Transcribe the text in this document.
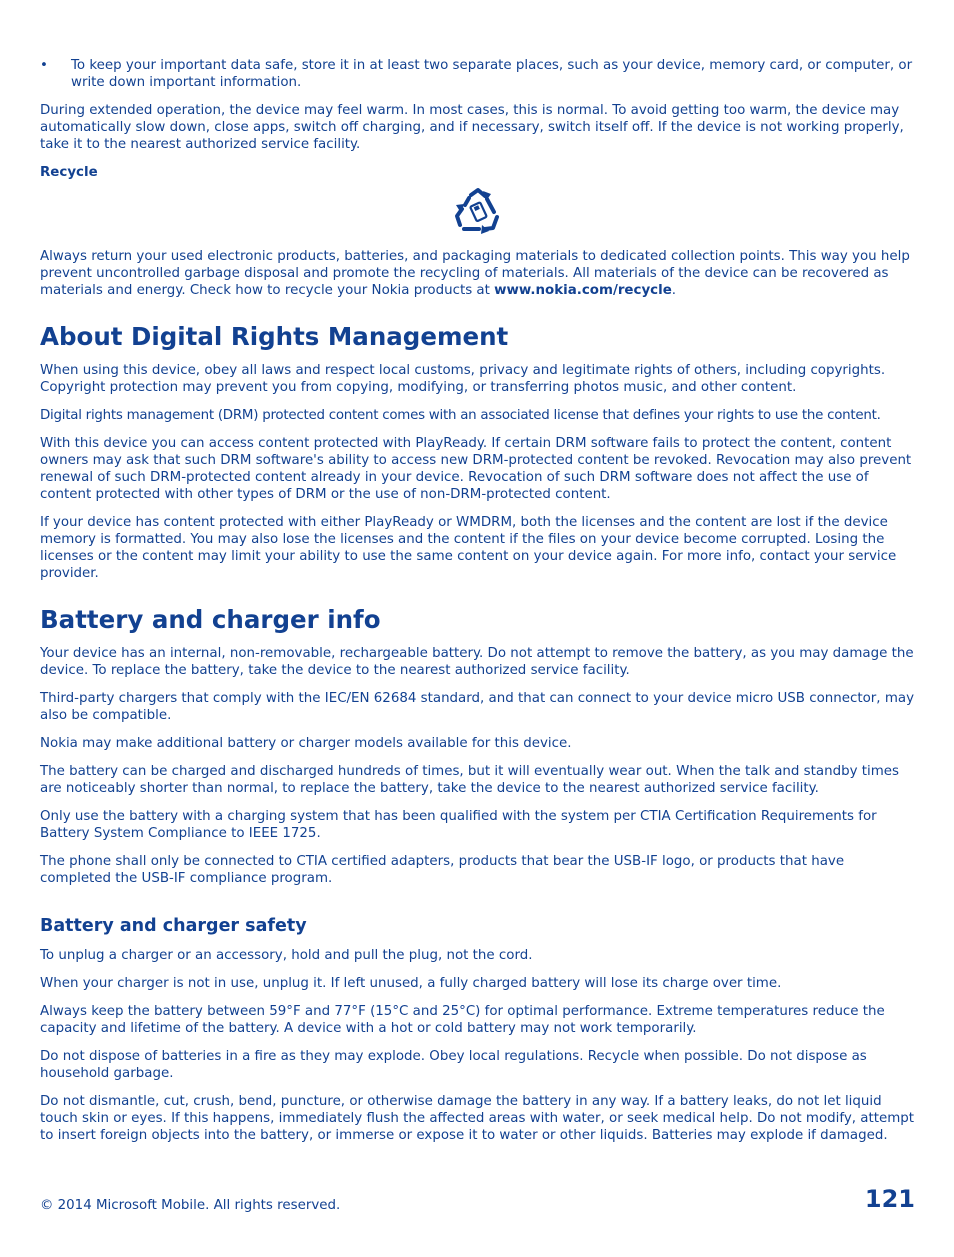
• To keep your important data safe, store it in at least two separate places, such as your device, memory card, or computer, or write down important information.

During extended operation, the device may feel warm. In most cases, this is normal. To avoid getting too warm, the device may automatically slow down, close apps, switch off charging, and if necessary, switch itself off. If the device is not working properly, take it to the nearest authorized service facility.

Recycle

Always return your used electronic products, batteries, and packaging materials to dedicated collection points. This way you help prevent uncontrolled garbage disposal and promote the recycling of materials. All materials of the device can be recovered as materials and energy. Check how to recycle your Nokia products at www.nokia.com/recycle.

About Digital Rights Management

When using this device, obey all laws and respect local customs, privacy and legitimate rights of others, including copyrights. Copyright protection may prevent you from copying, modifying, or transferring photos music, and other content.

Digital rights management (DRM) protected content comes with an associated license that defines your rights to use the content.

With this device you can access content protected with PlayReady. If certain DRM software fails to protect the content, content owners may ask that such DRM software's ability to access new DRM-protected content be revoked. Revocation may also prevent renewal of such DRM-protected content already in your device. Revocation of such DRM software does not affect the use of content protected with other types of DRM or the use of non-DRM-protected content.

If your device has content protected with either PlayReady or WMDRM, both the licenses and the content are lost if the device memory is formatted. You may also lose the licenses and the content if the files on your device become corrupted. Losing the licenses or the content may limit your ability to use the same content on your device again. For more info, contact your service provider.

Battery and charger info

Your device has an internal, non-removable, rechargeable battery. Do not attempt to remove the battery, as you may damage the device. To replace the battery, take the device to the nearest authorized service facility.

Third-party chargers that comply with the IEC/EN 62684 standard, and that can connect to your device micro USB connector, may also be compatible.

Nokia may make additional battery or charger models available for this device.

The battery can be charged and discharged hundreds of times, but it will eventually wear out. When the talk and standby times are noticeably shorter than normal, to replace the battery, take the device to the nearest authorized service facility.

Only use the battery with a charging system that has been qualified with the system per CTIA Certification Requirements for Battery System Compliance to IEEE 1725.

The phone shall only be connected to CTIA certified adapters, products that bear the USB-IF logo, or products that have completed the USB-IF compliance program.

Battery and charger safety

To unplug a charger or an accessory, hold and pull the plug, not the cord.

When your charger is not in use, unplug it. If left unused, a fully charged battery will lose its charge over time.

Always keep the battery between 59°F and 77°F (15°C and 25°C) for optimal performance. Extreme temperatures reduce the capacity and lifetime of the battery. A device with a hot or cold battery may not work temporarily.

Do not dispose of batteries in a fire as they may explode. Obey local regulations. Recycle when possible. Do not dispose as household garbage.

Do not dismantle, cut, crush, bend, puncture, or otherwise damage the battery in any way. If a battery leaks, do not let liquid touch skin or eyes. If this happens, immediately flush the affected areas with water, or seek medical help. Do not modify, attempt to insert foreign objects into the battery, or immerse or expose it to water or other liquids. Batteries may explode if damaged.

© 2014 Microsoft Mobile. All rights reserved.	121
